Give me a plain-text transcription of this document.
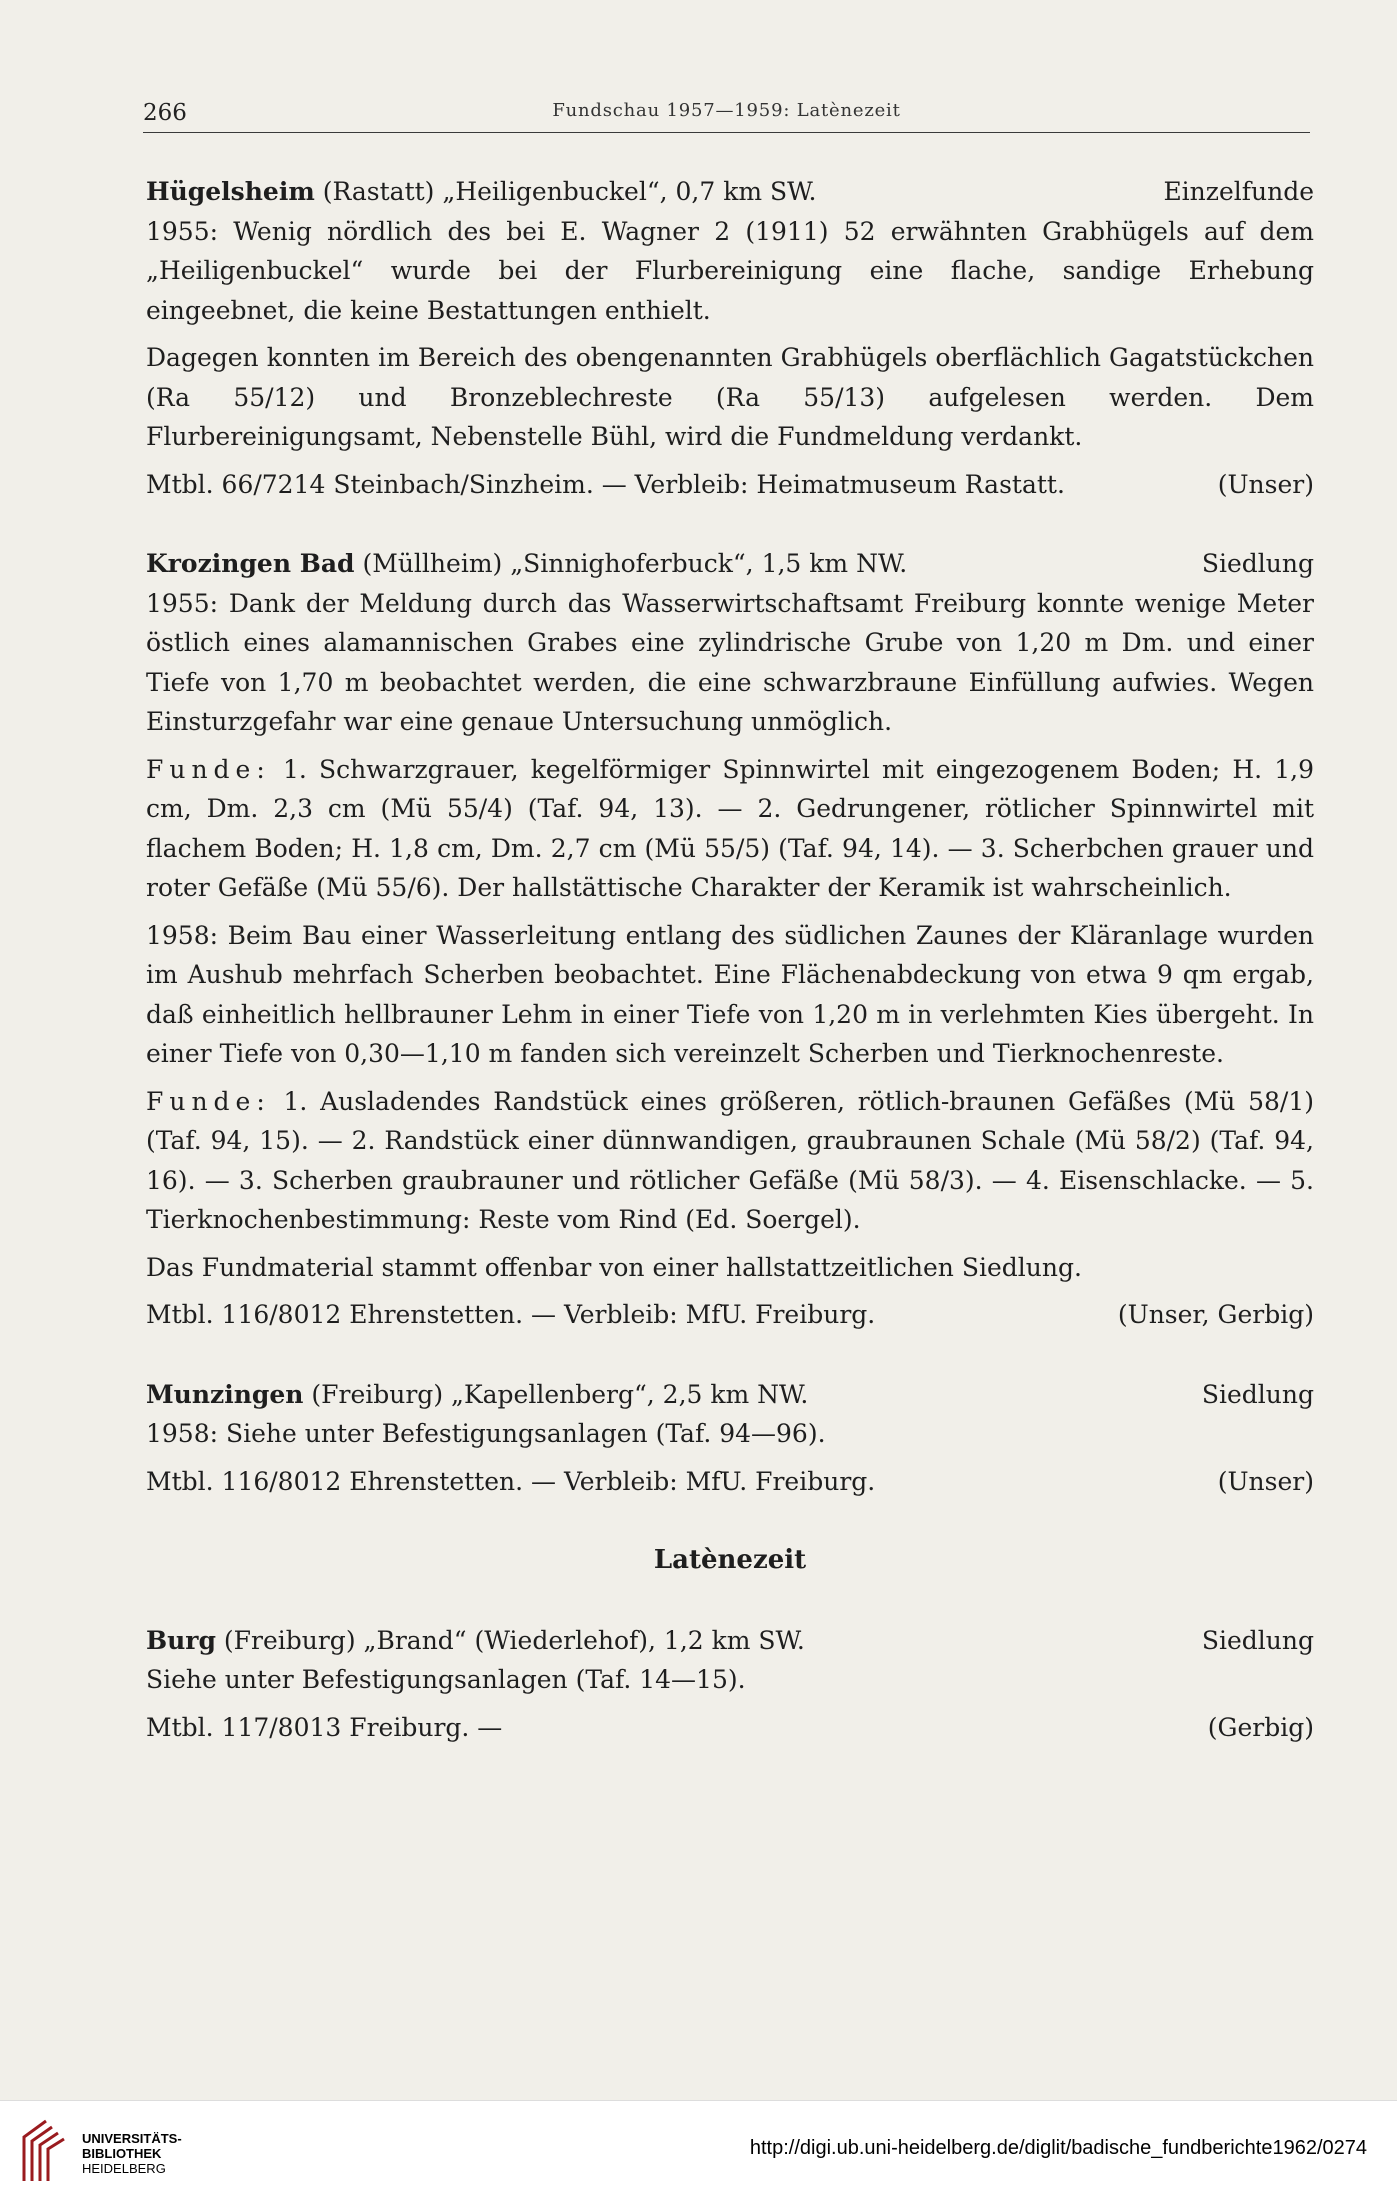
266	Fundschau 1957—1959: Latènezeit
Hügelsheim (Rastatt) „Heiligenbuckel“, 0,7 km SW.	Einzelfunde

1955: Wenig nördlich des bei E. Wagner 2 (1911) 52 erwähnten Grabhügels auf dem „Heiligenbuckel“ wurde bei der Flurbereinigung eine flache, sandige Erhebung eingeebnet, die keine Bestattungen enthielt.

Dagegen konnten im Bereich des obengenannten Grabhügels oberflächlich Gagatstückchen (Ra 55/12) und Bronzeblechreste (Ra 55/13) aufgelesen werden. Dem Flurbereinigungsamt, Nebenstelle Bühl, wird die Fundmeldung verdankt.

Mtbl. 66/7214 Steinbach/Sinzheim. — Verbleib: Heimatmuseum Rastatt.	(Unser)
Krozingen Bad (Müllheim) „Sinnighoferbuck“, 1,5 km NW.	Siedlung

1955: Dank der Meldung durch das Wasserwirtschaftsamt Freiburg konnte wenige Meter östlich eines alamannischen Grabes eine zylindrische Grube von 1,20 m Dm. und einer Tiefe von 1,70 m beobachtet werden, die eine schwarzbraune Einfüllung aufwies. Wegen Einsturzgefahr war eine genaue Untersuchung unmöglich.

Funde: 1. Schwarzgrauer, kegelförmiger Spinnwirtel mit eingezogenem Boden; H. 1,9 cm, Dm. 2,3 cm (Mü 55/4) (Taf. 94, 13). — 2. Gedrungener, rötlicher Spinnwirtel mit flachem Boden; H. 1,8 cm, Dm. 2,7 cm (Mü 55/5) (Taf. 94, 14). — 3. Scherbchen grauer und roter Gefäße (Mü 55/6). Der hallstättische Charakter der Keramik ist wahrscheinlich.

1958: Beim Bau einer Wasserleitung entlang des südlichen Zaunes der Kläranlage wurden im Aushub mehrfach Scherben beobachtet. Eine Flächenabdeckung von etwa 9 qm ergab, daß einheitlich hellbrauner Lehm in einer Tiefe von 1,20 m in verlehmten Kies übergeht. In einer Tiefe von 0,30—1,10 m fanden sich vereinzelt Scherben und Tierknochenreste.

Funde: 1. Ausladendes Randstück eines größeren, rötlich-braunen Gefäßes (Mü 58/1) (Taf. 94, 15). — 2. Randstück einer dünnwandigen, graubraunen Schale (Mü 58/2) (Taf. 94, 16). — 3. Scherben graubrauner und rötlicher Gefäße (Mü 58/3). — 4. Eisenschlacke. — 5. Tierknochenbestimmung: Reste vom Rind (Ed. Soergel).

Das Fundmaterial stammt offenbar von einer hallstattzeitlichen Siedlung.

Mtbl. 116/8012 Ehrenstetten. — Verbleib: MfU. Freiburg.	(Unser, Gerbig)
Munzingen (Freiburg) „Kapellenberg“, 2,5 km NW.	Siedlung

1958: Siehe unter Befestigungsanlagen (Taf. 94—96).

Mtbl. 116/8012 Ehrenstetten. — Verbleib: MfU. Freiburg.	(Unser)
Latènezeit
Burg (Freiburg) „Brand“ (Wiederlehof), 1,2 km SW.	Siedlung

Siehe unter Befestigungsanlagen (Taf. 14—15).

Mtbl. 117/8013 Freiburg. —	(Gerbig)
UNIVERSITÄTS-
BIBLIOTHEK
HEIDELBERG
http://digi.ub.uni-heidelberg.de/diglit/badische_fundberichte1962/0274
